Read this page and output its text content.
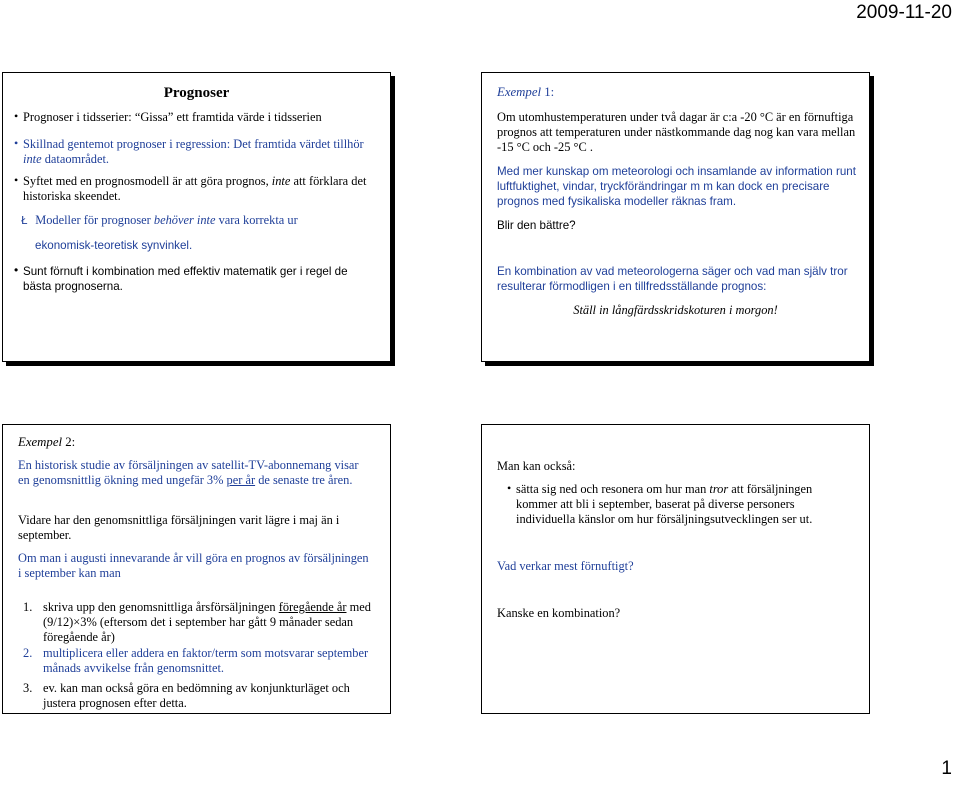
2009-11-20
Prognoser
• Prognoser i tidsserier: “Gissa” ett framtida värde i tidsserien
• Skillnad gentemot prognoser i regression: Det framtida värdet tillhör inte dataområdet.
• Syftet med en prognosmodell är att göra prognos, inte att förklara det historiska skeendet.
Ł Modeller för prognoser behöver inte vara korrekta ur
ekonomisk-teoretisk synvinkel.
• Sunt förnuft i kombination med effektiv matematik ger i regel de bästa prognoserna.
Exempel 1:
Om utomhustemperaturen under två dagar är c:a -20 °C är en förnuftiga prognos att temperaturen under nästkommande dag nog kan vara mellan -15 °C och -25 °C .
Med mer kunskap om meteorologi och insamlande av information runt luftfuktighet, vindar, tryckförändringar m m kan dock en precisare prognos med fysikaliska modeller räknas fram.
Blir den bättre?
En kombination av vad meteorologerna säger och vad man själv tror resulterar förmodligen i en tillfredsställande prognos:
Ställ in långfärdsskridskoturen i morgon!
Exempel 2:
En historisk studie av försäljningen av satellit-TV-abonnemang visar en genomsnittlig ökning med ungefär 3% per år de senaste tre åren.
Vidare har den genomsnittliga försäljningen varit lägre i maj än i september.
Om man i augusti innevarande år vill göra en prognos av försäljningen i september kan man
1. skriva upp den genomsnittliga årsförsäljningen föregående år med (9/12)×3% (eftersom det i september har gått 9 månader sedan föregående år)
2. multiplicera eller addera en faktor/term som motsvarar september månads avvikelse från genomsnittet.
3. ev. kan man också göra en bedömning av konjunkturläget och justera prognosen efter detta.
Man kan också:
• sätta sig ned och resonera om hur man tror att försäljningen kommer att bli i september, baserat på diverse personers individuella känslor om hur försäljningsutvecklingen ser ut.
Vad verkar mest förnuftigt?
Kanske en kombination?
1
